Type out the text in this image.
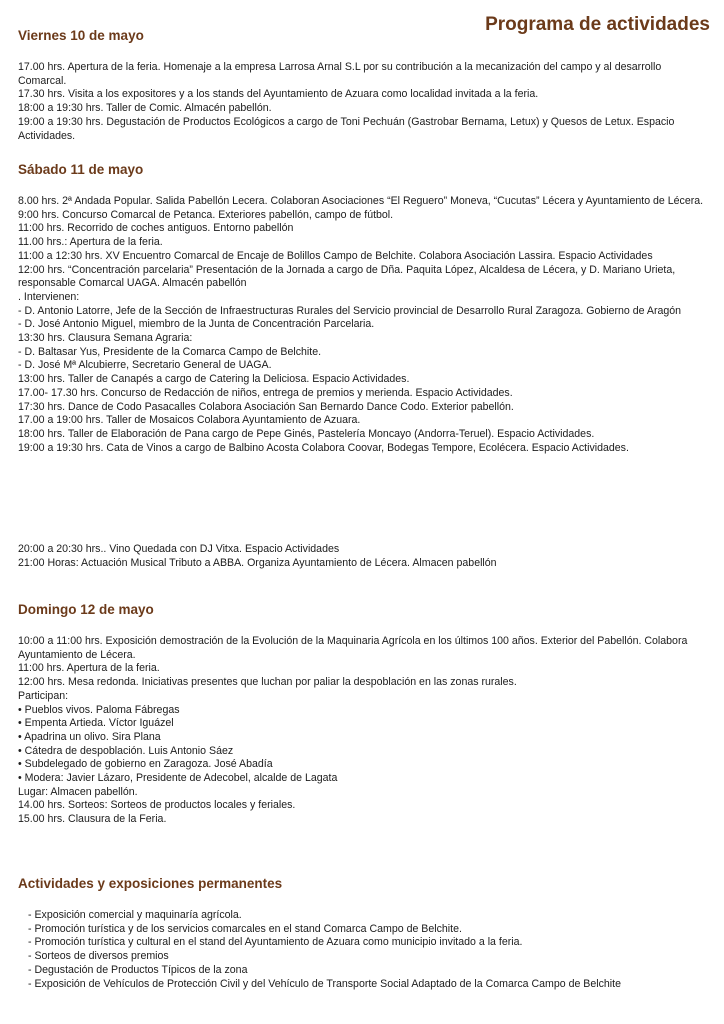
Programa de actividades
Viernes 10 de mayo

17.00 hrs. Apertura de la feria. Homenaje a la empresa Larrosa Arnal S.L por su contribución a la mecanización del campo y al desarrollo Comarcal.

17.30 hrs. Visita a los expositores y a los stands del Ayuntamiento de Azuara como localidad invitada a la feria.

18:00 a 19:30 hrs. Taller de Comic. Almacén pabellón.

19:00 a 19:30 hrs. Degustación de Productos Ecológicos a cargo de Toni Pechuán (Gastrobar Bernama, Letux) y Quesos de Letux. Espacio Actividades.

Sábado 11 de mayo

8.00 hrs. 2ª Andada Popular. Salida Pabellón Lecera. Colaboran Asociaciones “El Reguero” Moneva, “Cucutas” Lécera y Ayuntamiento de Lécera.

9:00 hrs. Concurso Comarcal de Petanca. Exteriores pabellón, campo de fútbol.

11:00 hrs. Recorrido de coches antiguos. Entorno pabellón

11.00 hrs.: Apertura de la feria.

11:00 a 12:30 hrs. XV Encuentro Comarcal de Encaje de Bolillos Campo de Belchite. Colabora Asociación Lassira. Espacio Actividades

12:00 hrs. “Concentración parcelaria” Presentación de la Jornada a cargo de Dña. Paquita López, Alcaldesa de Lécera, y D. Mariano Urieta, responsable Comarcal UAGA. Almacén pabellón

. Intervienen:

- D. Antonio Latorre, Jefe de la Sección de Infraestructuras Rurales del Servicio provincial de Desarrollo Rural Zaragoza. Gobierno de Aragón

- D. José Antonio Miguel, miembro de la Junta de Concentración Parcelaria.

13:30 hrs. Clausura Semana Agraria:

- D. Baltasar Yus, Presidente de la Comarca Campo de Belchite.

- D. José Mª Alcubierre, Secretario General de UAGA.

13:00 hrs. Taller de Canapés a cargo de Catering la Deliciosa. Espacio Actividades.

17.00- 17.30 hrs. Concurso de Redacción de niños, entrega de premios y merienda. Espacio Actividades.

17:30 hrs. Dance de Codo Pasacalles Colabora Asociación San Bernardo Dance Codo. Exterior pabellón.

17.00 a 19:00 hrs. Taller de Mosaicos Colabora Ayuntamiento de Azuara.

18:00 hrs. Taller de Elaboración de Pana cargo de Pepe Ginés, Pastelería Moncayo (Andorra-Teruel). Espacio Actividades.

19:00 a 19:30 hrs. Cata de Vinos a cargo de Balbino Acosta Colabora Coovar, Bodegas Tempore, Ecolécera. Espacio Actividades.

20:00 a 20:30 hrs.. Vino Quedada con DJ Vitxa. Espacio Actividades

21:00 Horas: Actuación Musical Tributo a ABBA. Organiza Ayuntamiento de Lécera. Almacen pabellón

Domingo 12 de mayo

10:00 a 11:00 hrs. Exposición demostración de la Evolución de la Maquinaria Agrícola en los últimos 100 años. Exterior del Pabellón. Colabora Ayuntamiento de Lécera.

11:00 hrs. Apertura de la feria.

12:00 hrs. Mesa redonda. Iniciativas presentes que luchan por paliar la despoblación en las zonas rurales.

Participan:

• Pueblos vivos. Paloma Fábregas

• Empenta Artieda. Víctor Iguázel

• Apadrina un olivo. Sira Plana

• Cátedra de despoblación. Luis Antonio Sáez

• Subdelegado de gobierno en Zaragoza. José Abadía

• Modera: Javier Lázaro, Presidente de Adecobel, alcalde de Lagata

Lugar: Almacen pabellón.

14.00 hrs. Sorteos: Sorteos de productos locales y feriales.

15.00 hrs. Clausura de la Feria.

Actividades y exposiciones permanentes

- Exposición comercial y maquinaría agrícola.

- Promoción turística y de los servicios comarcales en el stand Comarca Campo de Belchite.

- Promoción turística y cultural en el stand del Ayuntamiento de Azuara como municipio invitado a la feria.

- Sorteos de diversos premios

- Degustación de Productos Típicos de la zona

- Exposición de Vehículos de Protección Civil y del Vehículo de Transporte Social Adaptado de la Comarca Campo de Belchite
